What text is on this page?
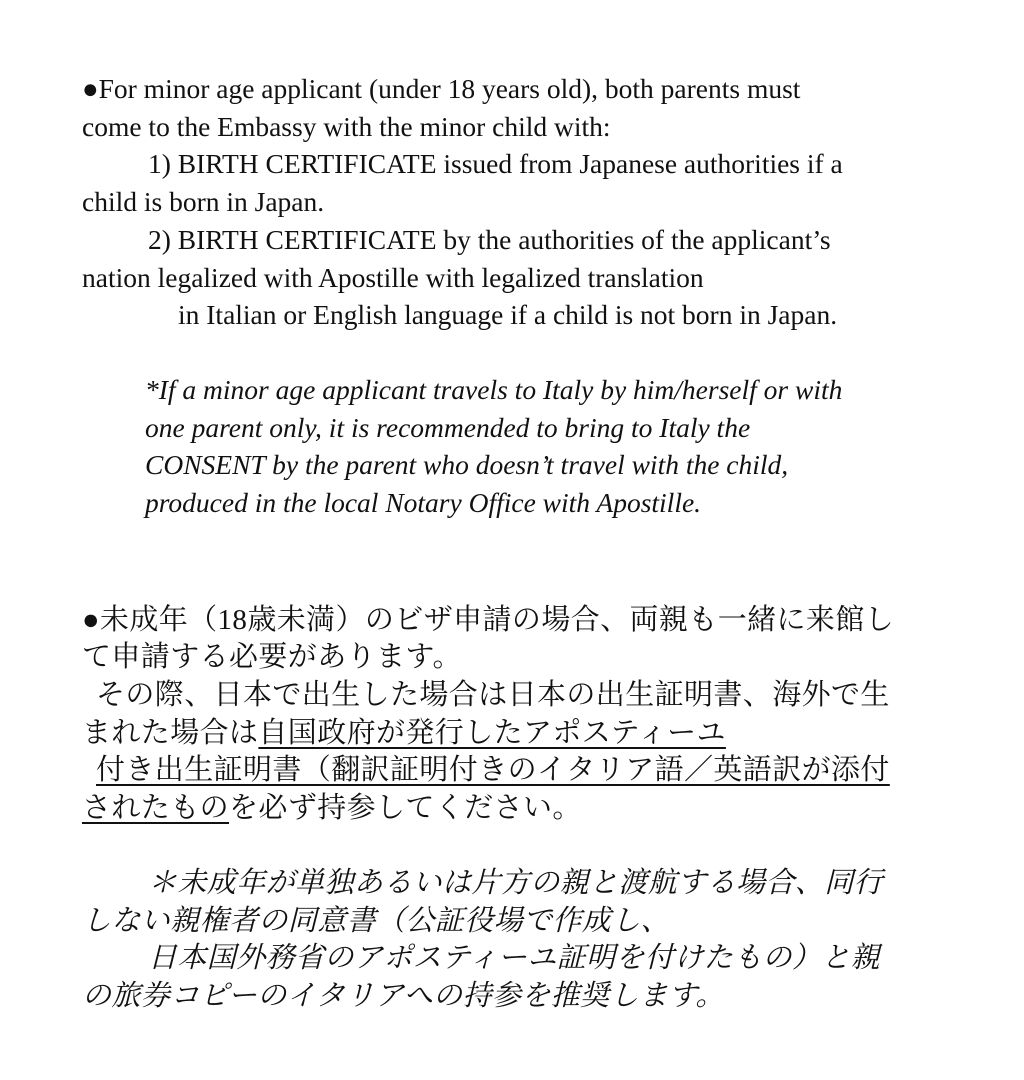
●For minor age applicant (under 18 years old), both parents must
come to the Embassy with the minor child with:
1) BIRTH CERTIFICATE issued from Japanese authorities if a
child is born in Japan.
2) BIRTH CERTIFICATE by the authorities of the applicant’s
nation legalized with Apostille with legalized translation
in Italian or English language if a child is not born in Japan.
*If a minor age applicant travels to Italy by him/herself or with
one parent only, it is recommended to bring to Italy the
CONSENT by the parent who doesn’t travel with the child,
produced in the local Notary Office with Apostille.
●未成年（18歳未満）のビザ申請の場合、両親も一緒に来館し
て申請する必要があります。
その際、日本で出生した場合は日本の出生証明書、海外で生
まれた場合は自国政府が発行したアポスティーユ
付き出生証明書（翻訳証明付きのイタリア語／英語訳が添付
されたものを必ず持参してください。
＊未成年が単独あるいは片方の親と渡航する場合、同行
しない親権者の同意書（公証役場で作成し、
日本国外務省のアポスティーユ証明を付けたもの）と親
の旅券コピーのイタリアへの持参を推奨します。
